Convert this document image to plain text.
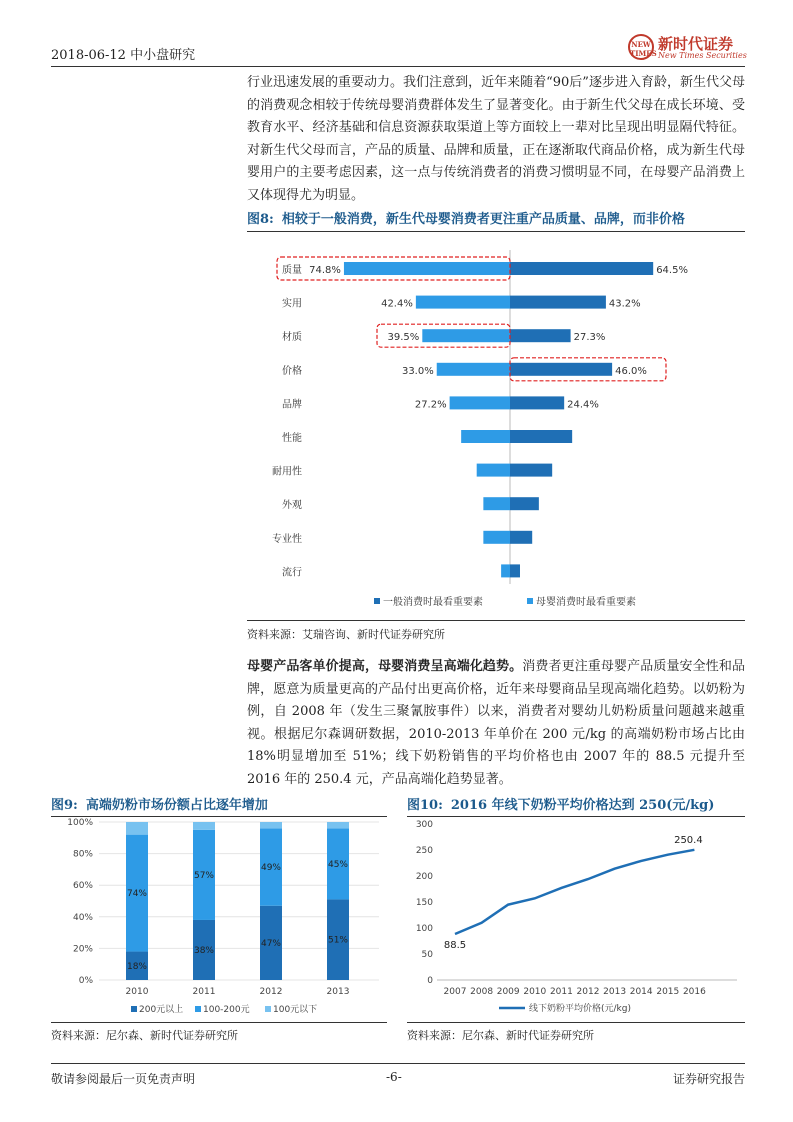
2018-06-12 中小盘研究
NEW TIMES
新时代证券
New Times Securities
行业迅速发展的重要动力。我们注意到，近年来随着“90后”逐步进入育龄，新生代父母的消费观念相较于传统母婴消费群体发生了显著变化。由于新生代父母在成长环境、受教育水平、经济基础和信息资源获取渠道上等方面较上一辈对比呈现出明显隔代特征。对新生代父母而言，产品的质量、品牌和质量，正在逐渐取代商品价格，成为新生代母婴用户的主要考虑因素，这一点与传统消费者的消费习惯明显不同，在母婴产品消费上又体现得尤为明显。
图8: 相较于一般消费，新生代母婴消费者更注重产品质量、品牌，而非价格
质量 74.8%	64.5%
实用	42.4%	43.2%
材质	39.5%	27.3%
价格	33.0%	46.0%
品牌	27.2%	24.4%
性能
耐用性
外观
专业性
流行
一般消费时最看重要素	母婴消费时最看重要素
资料来源：艾瑞咨询、新时代证券研究所
母婴产品客单价提高，母婴消费呈高端化趋势。消费者更注重母婴产品质量安全性和品牌，愿意为质量更高的产品付出更高价格，近年来母婴商品呈现高端化趋势。以奶粉为例，自 2008 年（发生三聚氰胺事件）以来，消费者对婴幼儿奶粉质量问题越来越重视。根据尼尔森调研数据，2010-2013 年单价在 200 元/kg 的高端奶粉市场占比由 18%明显增加至 51%；线下奶粉销售的平均价格也由 2007 年的 88.5 元提升至 2016 年的 250.4 元，产品高端化趋势显著。
图9: 高端奶粉市场份额占比逐年增加
0%
20%
40%
60%
80%
100%
18%
74%
2010
38%
57%
2011
47%
49%
2012
51%
45%
2013
200元以上 100-200元	100元以下
资料来源：尼尔森、新时代证券研究所
图10: 2016 年线下奶粉平均价格达到 250(元/kg)
0
50
100
150
200
250
300
2007 2008 2009 2010 2011 2012 2013 2014 2015 2016
88.5
250.4
线下奶粉平均价格(元/kg)
资料来源：尼尔森、新时代证券研究所
敬请参阅最后一页免责声明	-6-	证券研究报告
